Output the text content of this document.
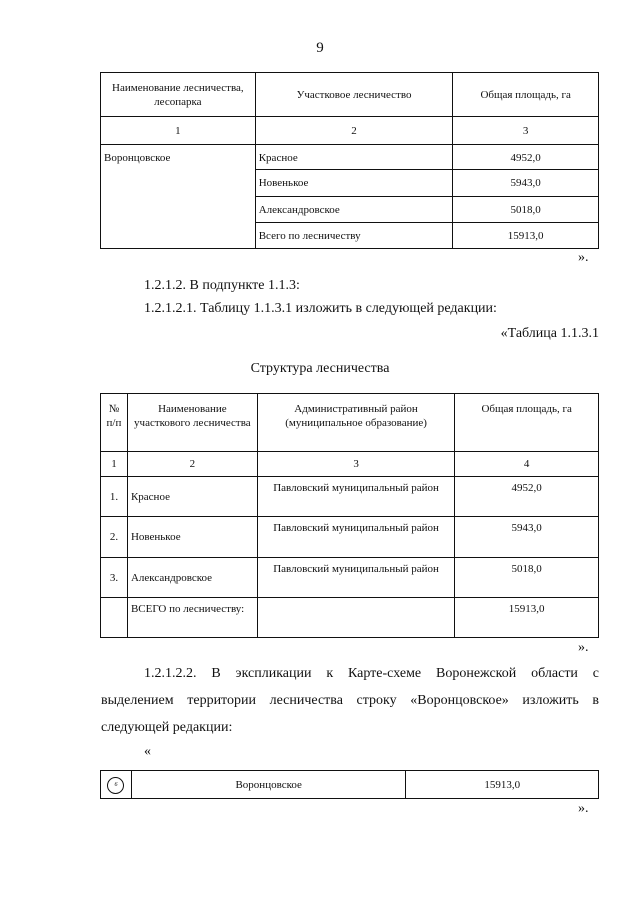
9
Наименование лесничества, лесопарка	Участковое лесничество	Общая площадь, га
1	2	3
Воронцовское	Красное	4952,0
	Новенькое	5943,0
	Александровское	5018,0
	Всего по лесничеству	15913,0
».
1.2.1.2. В подпункте 1.1.3:
1.2.1.2.1. Таблицу 1.1.3.1 изложить в следующей редакции:
«Таблица 1.1.3.1
Структура лесничества
№ п/п	Наименование участкового лесничества	Административный район (муниципальное образование)	Общая площадь, га
1	2	3	4
1.	Красное	Павловский муниципальный район	4952,0
2.	Новенькое	Павловский муниципальный район	5943,0
3.	Александровское	Павловский муниципальный район	5018,0
	ВСЕГО по лесничеству:		15913,0
».
1.2.1.2.2. В экспликации к Карте-схеме Воронежской области с
выделением территории лесничества строку «Воронцовское» изложить в
следующей редакции:
«
6	Воронцовское	15913,0
».
